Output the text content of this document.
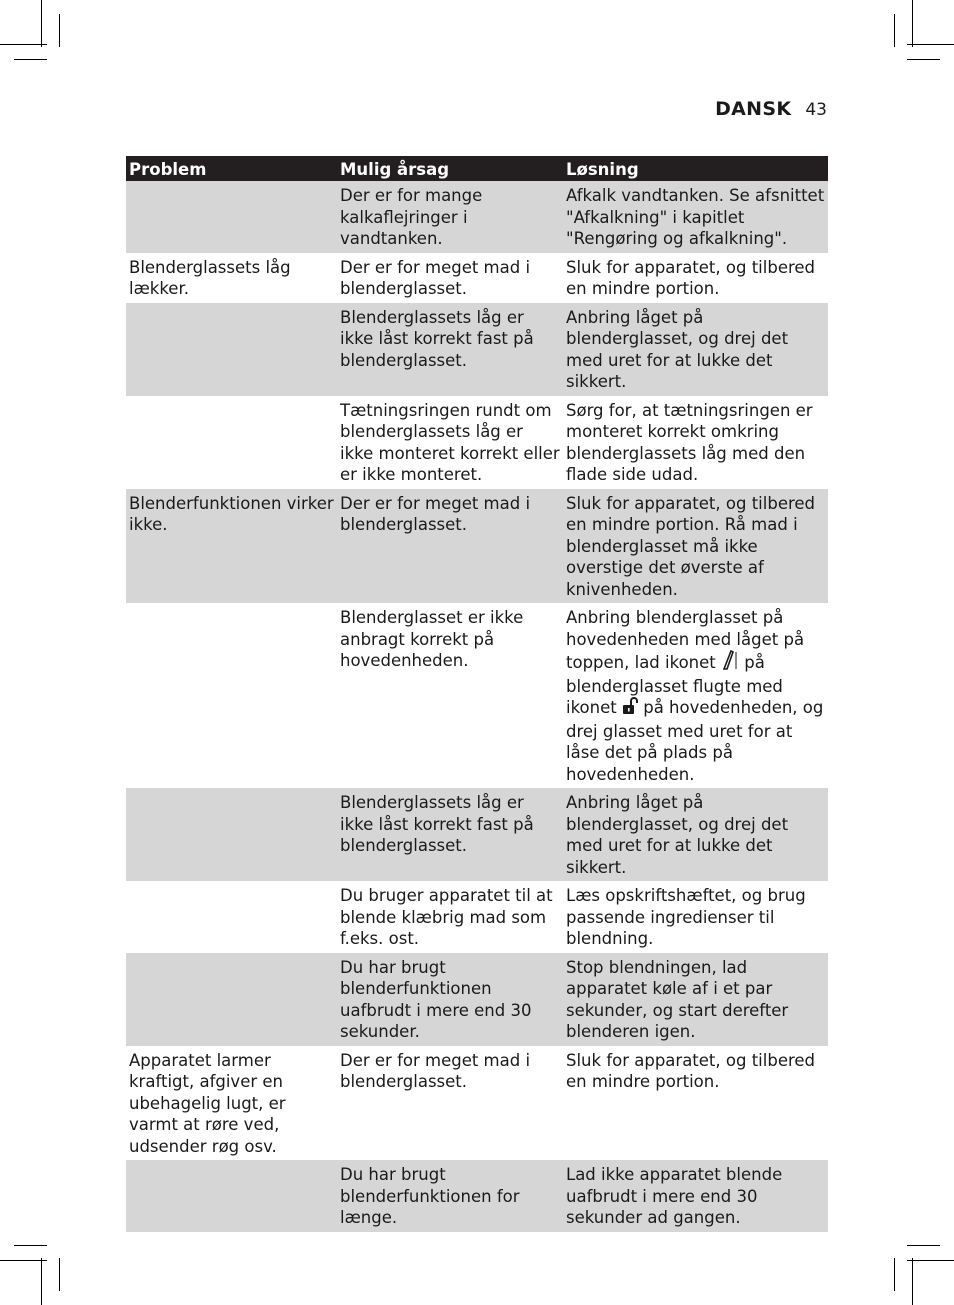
DANSK 43
Problem	Mulig årsag	Løsning
	Der er for mange kalkaflejringer i vandtanken.	Afkalk vandtanken. Se afsnittet "Afkalkning" i kapitlet "Rengøring og afkalkning".
Blenderglassets låg lækker.	Der er for meget mad i blenderglasset.	Sluk for apparatet, og tilbered en mindre portion.
	Blenderglassets låg er ikke låst korrekt fast på blenderglasset.	Anbring låget på blenderglasset, og drej det med uret for at lukke det sikkert.
	Tætningsringen rundt om blenderglassets låg er ikke monteret korrekt eller er ikke monteret.	Sørg for, at tætningsringen er monteret korrekt omkring blenderglassets låg med den flade side udad.
Blenderfunktionen virker ikke.	Der er for meget mad i blenderglasset.	Sluk for apparatet, og tilbered en mindre portion. Rå mad i blenderglasset må ikke overstige det øverste af knivenheden.
	Blenderglasset er ikke anbragt korrekt på hovedenheden.	Anbring blenderglasset på hovedenheden med låget på toppen, lad ikonet  på blenderglasset flugte med ikonet  på hovedenheden, og drej glasset med uret for at låse det på plads på hovedenheden.
	Blenderglassets låg er ikke låst korrekt fast på blenderglasset.	Anbring låget på blenderglasset, og drej det med uret for at lukke det sikkert.
	Du bruger apparatet til at blende klæbrig mad som f.eks. ost.	Læs opskriftshæftet, og brug passende ingredienser til blendning.
	Du har brugt blenderfunktionen uafbrudt i mere end 30 sekunder.	Stop blendningen, lad apparatet køle af i et par sekunder, og start derefter blenderen igen.
Apparatet larmer kraftigt, afgiver en ubehagelig lugt, er varmt at røre ved, udsender røg osv.	Der er for meget mad i blenderglasset.	Sluk for apparatet, og tilbered en mindre portion.
	Du har brugt blenderfunktionen for længe.	Lad ikke apparatet blende uafbrudt i mere end 30 sekunder ad gangen.
